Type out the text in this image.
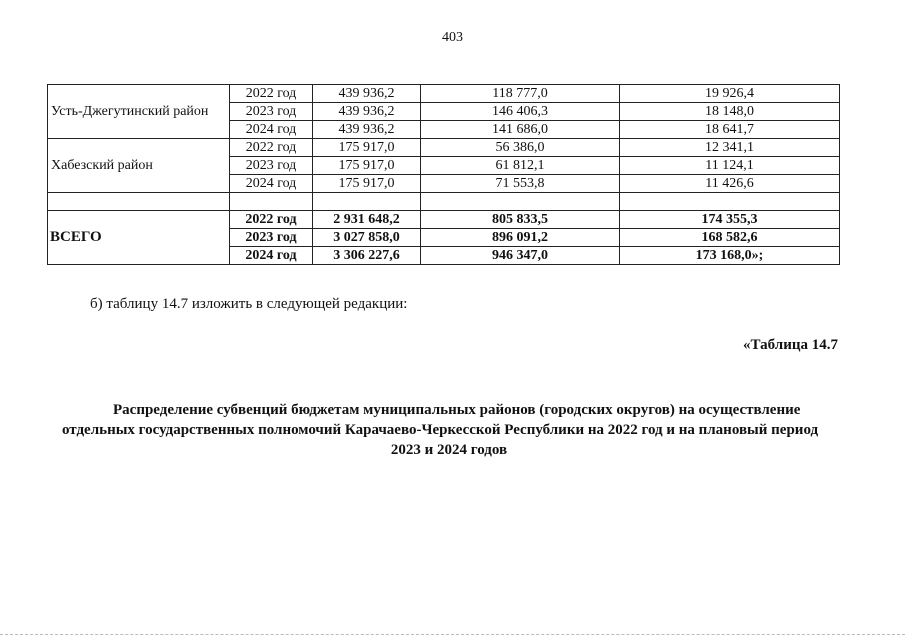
403
Усть-Джегутинский район	2022 год	439 936,2	118 777,0	19 926,4
	2023 год	439 936,2	146 406,3	18 148,0
	2024 год	439 936,2	141 686,0	18 641,7
Хабезский район	2022 год	175 917,0	56 386,0	12 341,1
	2023 год	175 917,0	61 812,1	11 124,1
	2024 год	175 917,0	71 553,8	11 426,6

ВСЕГО	2022 год	2 931 648,2	805 833,5	174 355,3
	2023 год	3 027 858,0	896 091,2	168 582,6
	2024 год	3 306 227,6	946 347,0	173 168,0»;
б) таблицу 14.7 изложить в следующей редакции:
«Таблица 14.7
Распределение субвенций бюджетам муниципальных районов (городских округов) на осуществление
отдельных государственных полномочий Карачаево-Черкесской Республики на 2022 год и на плановый период
2023 и 2024 годов
